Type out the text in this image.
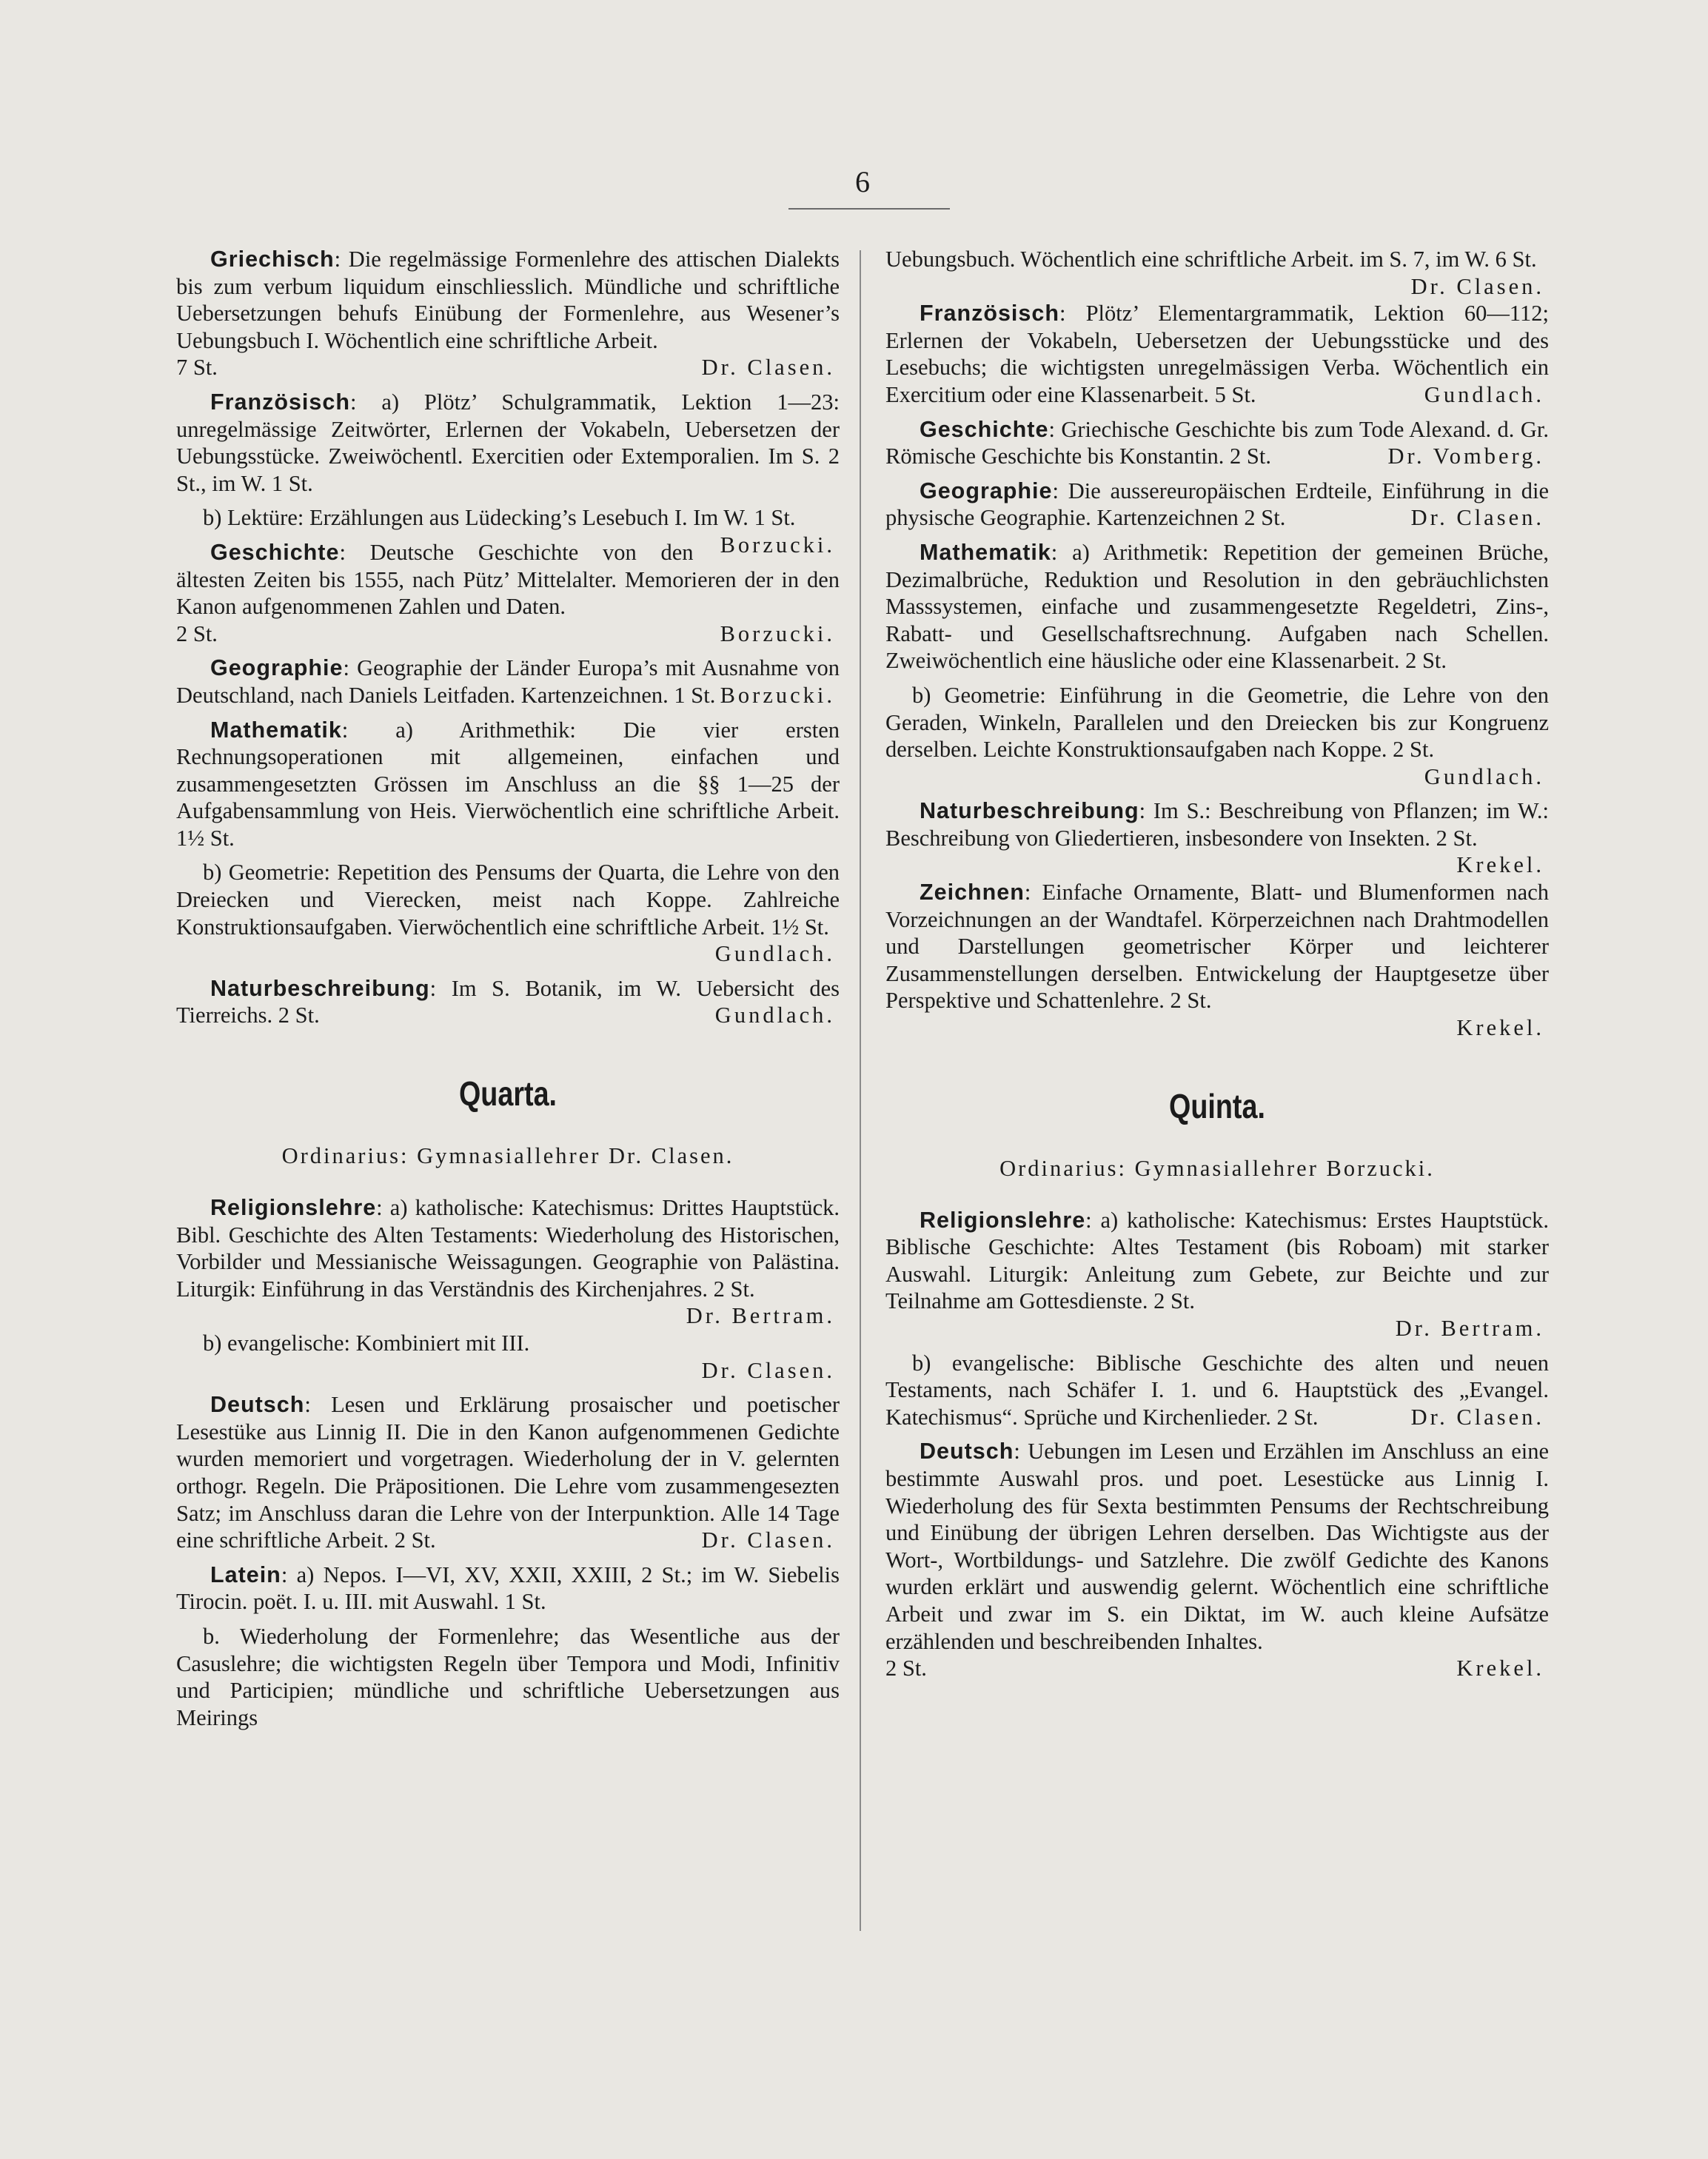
6

Griechisch: Die regelmässige Formenlehre des attischen Dialekts bis zum verbum liquidum einschliesslich. Mündliche und schriftliche Uebersetzungen behufs Einübung der Formenlehre, aus Wesener’s Uebungsbuch I. Wöchentlich eine schriftliche Arbeit.
7 St.	Dr. Clasen.

Französisch: a) Plötz’ Schulgrammatik, Lektion 1—23: unregelmässige Zeitwörter, Erlernen der Vokabeln, Uebersetzen der Uebungsstücke. Zweiwöchentl. Exercitien oder Extemporalien. Im S. 2 St., im W. 1 St.

b) Lektüre: Erzählungen aus Lüdecking’s Lesebuch I. Im W. 1 St.
Borzucki.

Geschichte: Deutsche Geschichte von den ältesten Zeiten bis 1555, nach Pütz’ Mittelalter. Memorieren der in den Kanon aufgenommenen Zahlen und Daten.
2 St.	Borzucki.

Geographie: Geographie der Länder Europa’s mit Ausnahme von Deutschland, nach Daniels Leitfaden. Kartenzeichnen. 1 St. Borzucki.

Mathematik: a) Arithmethik: Die vier ersten Rechnungsoperationen mit allgemeinen, einfachen und zusammengesetzten Grössen im Anschluss an die §§ 1—25 der Aufgabensammlung von Heis. Vierwöchentlich eine schriftliche Arbeit. 1½ St.

b) Geometrie: Repetition des Pensums der Quarta, die Lehre von den Dreiecken und Vierecken, meist nach Koppe. Zahlreiche Konstruktionsaufgaben. Vierwöchentlich eine schriftliche Arbeit. 1½ St.
Gundlach.

Naturbeschreibung: Im S. Botanik, im W. Uebersicht des Tierreichs. 2 St.	Gundlach.

Quarta.
Ordinarius: Gymnasiallehrer Dr. Clasen.

Religionslehre: a) katholische: Katechismus: Drittes Hauptstück. Bibl. Geschichte des Alten Testaments: Wiederholung des Historischen, Vorbilder und Messianische Weissagungen. Geographie von Palästina. Liturgik: Einführung in das Verständnis des Kirchenjahres. 2 St.
Dr. Bertram.

b) evangelische: Kombiniert mit III.
Dr. Clasen.

Deutsch: Lesen und Erklärung prosaischer und poetischer Lesestüke aus Linnig II. Die in den Kanon aufgenommenen Gedichte wurden memoriert und vorgetragen. Wiederholung der in V. gelernten orthogr. Regeln. Die Präpositionen. Die Lehre vom zusammengesezten Satz; im Anschluss daran die Lehre von der Interpunktion. Alle 14 Tage eine schriftliche Arbeit. 2 St.	Dr. Clasen.

Latein: a) Nepos. I—VI, XV, XXII, XXIII, 2 St.; im W. Siebelis Tirocin. poët. I. u. III. mit Auswahl. 1 St.

b. Wiederholung der Formenlehre; das Wesentliche aus der Casuslehre; die wichtigsten Regeln über Tempora und Modi, Infinitiv und Participien; mündliche und schriftliche Uebersetzungen aus Meirings

Uebungsbuch. Wöchentlich eine schriftliche Arbeit. im S. 7, im W. 6 St.
Dr. Clasen.

Französisch: Plötz’ Elementargrammatik, Lektion 60—112; Erlernen der Vokabeln, Uebersetzen der Uebungsstücke und des Lesebuchs; die wichtigsten unregelmässigen Verba. Wöchentlich ein Exercitium oder eine Klassenarbeit. 5 St.	Gundlach.

Geschichte: Griechische Geschichte bis zum Tode Alexand. d. Gr. Römische Geschichte bis Konstantin. 2 St.	Dr. Vomberg.

Geographie: Die aussereuropäischen Erdteile, Einführung in die physische Geographie. Kartenzeichnen 2 St.	Dr. Clasen.

Mathematik: a) Arithmetik: Repetition der gemeinen Brüche, Dezimalbrüche, Reduktion und Resolution in den gebräuchlichsten Masssystemen, einfache und zusammengesetzte Regeldetri, Zins-, Rabatt- und Gesellschaftsrechnung. Aufgaben nach Schellen. Zweiwöchentlich eine häusliche oder eine Klassenarbeit. 2 St.

b) Geometrie: Einführung in die Geometrie, die Lehre von den Geraden, Winkeln, Parallelen und den Dreiecken bis zur Kongruenz derselben. Leichte Konstruktionsaufgaben nach Koppe. 2 St.
Gundlach.

Naturbeschreibung: Im S.: Beschreibung von Pflanzen; im W.: Beschreibung von Gliedertieren, insbesondere von Insekten. 2 St.
Krekel.

Zeichnen: Einfache Ornamente, Blatt- und Blumenformen nach Vorzeichnungen an der Wandtafel. Körperzeichnen nach Drahtmodellen und Darstellungen geometrischer Körper und leichterer Zusammenstellungen derselben. Entwickelung der Hauptgesetze über Perspektive und Schattenlehre. 2 St.
Krekel.

Quinta.
Ordinarius: Gymnasiallehrer Borzucki.

Religionslehre: a) katholische: Katechismus: Erstes Hauptstück. Biblische Geschichte: Altes Testament (bis Roboam) mit starker Auswahl. Liturgik: Anleitung zum Gebete, zur Beichte und zur Teilnahme am Gottesdienste. 2 St.
Dr. Bertram.

b) evangelische: Biblische Geschichte des alten und neuen Testaments, nach Schäfer I. 1. und 6. Hauptstück des „Evangel. Katechismus“. Sprüche und Kirchenlieder. 2 St.	Dr. Clasen.

Deutsch: Uebungen im Lesen und Erzählen im Anschluss an eine bestimmte Auswahl pros. und poet. Lesestücke aus Linnig I. Wiederholung des für Sexta bestimmten Pensums der Rechtschreibung und Einübung der übrigen Lehren derselben. Das Wichtigste aus der Wort-, Wortbildungs- und Satzlehre. Die zwölf Gedichte des Kanons wurden erklärt und auswendig gelernt. Wöchentlich eine schriftliche Arbeit und zwar im S. ein Diktat, im W. auch kleine Aufsätze erzählenden und beschreibenden Inhaltes.
2 St.	Krekel.
